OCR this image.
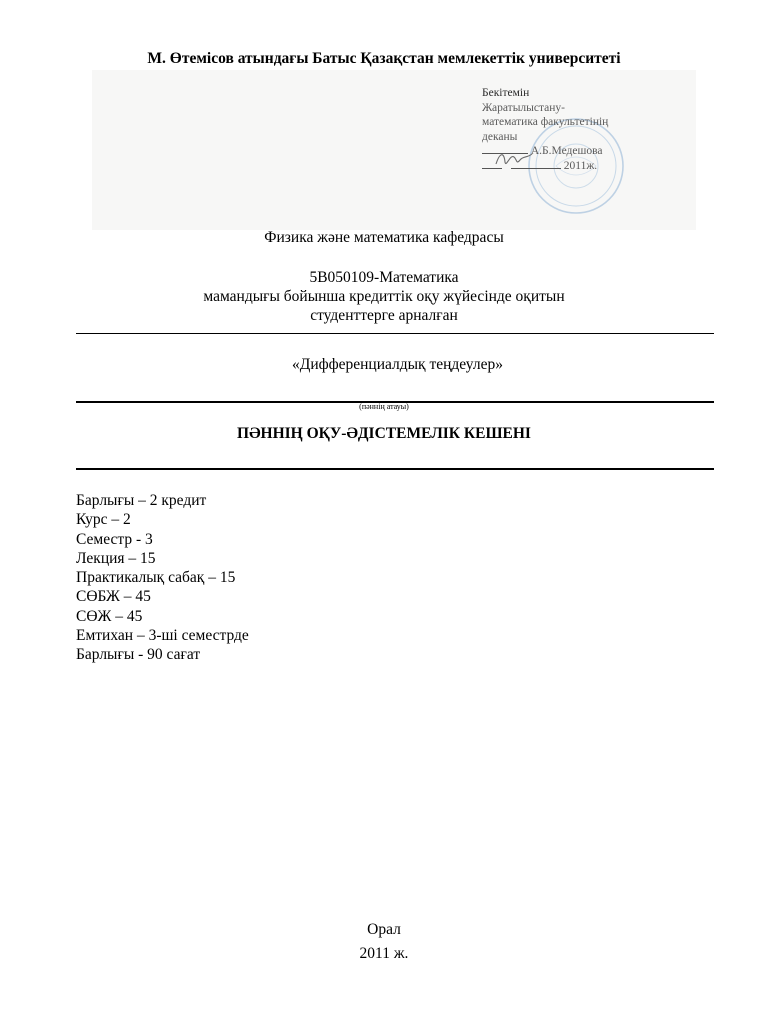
М. Өтемісов атындағы Батыс Қазақстан мемлекеттік университеті
Бекітемін
Жаратылыстану-
математика факультетінің
деканы
А.Б.Медешова
2011ж.
Физика және математика кафедрасы
5В050109-Математика
мамандығы бойынша кредиттік оқу жүйесінде оқитын
студенттерге арналған
«Дифференциалдық теңдеулер»
(пәннің атауы)
ПӘННІҢ ОҚУ-ӘДІСТЕМЕЛІК КЕШЕНІ
Барлығы – 2 кредит
Курс – 2
Семестр - 3
Лекция – 15
Практикалық сабақ – 15
СӨБЖ – 45
СӨЖ – 45
Емтихан – 3-ші семестрде
Барлығы - 90 сағат
Орал
2011 ж.
